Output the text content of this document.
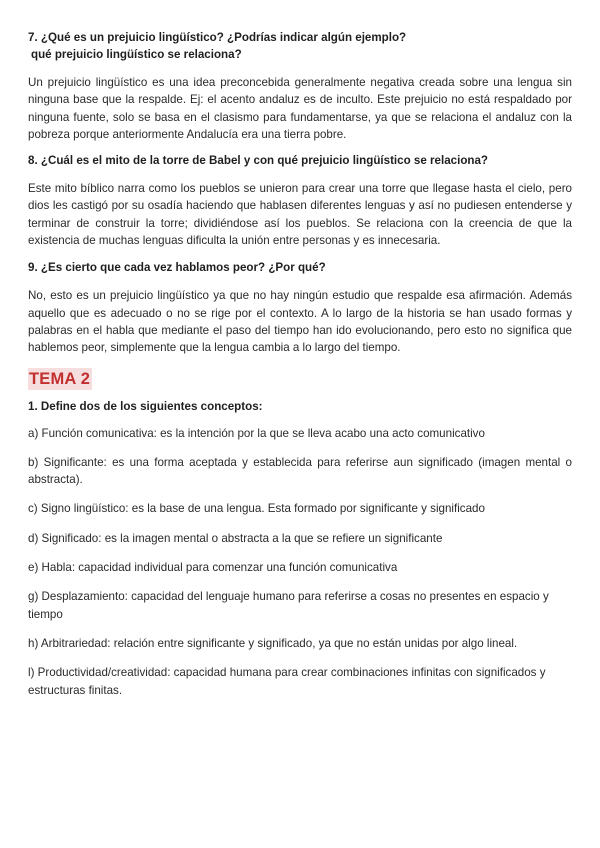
7. ¿Qué es un prejuicio lingüístico? ¿Podrías indicar algún ejemplo?
qué prejuicio lingüístico se relaciona?

Un prejuicio lingüístico es una idea preconcebida generalmente negativa creada sobre una lengua sin ninguna base que la respalde. Ej: el acento andaluz es de inculto. Este prejuicio no está respaldado por ninguna fuente, solo se basa en el clasismo para fundamentarse, ya que se relaciona el andaluz con la pobreza porque anteriormente Andalucía era una tierra pobre.

8. ¿Cuál es el mito de la torre de Babel y con qué prejuicio lingüístico se relaciona?

Este mito bíblico narra como los pueblos se unieron para crear una torre que llegase hasta el cielo, pero dios les castigó por su osadía haciendo que hablasen diferentes lenguas y así no pudiesen entenderse y terminar de construir la torre; dividiéndose así los pueblos. Se relaciona con la creencia de que la existencia de muchas lenguas dificulta la unión entre personas y es innecesaria.

9. ¿Es cierto que cada vez hablamos peor? ¿Por qué?

No, esto es un prejuicio lingüístico ya que no hay ningún estudio que respalde esa afirmación. Además aquello que es adecuado o no se rige por el contexto. A lo largo de la historia se han usado formas y palabras en el habla que mediante el paso del tiempo han ido evolucionando, pero esto no significa que hablemos peor, simplemente que la lengua cambia a lo largo del tiempo.

TEMA 2

1. Define dos de los siguientes conceptos:

a) Función comunicativa: es la intención por la que se lleva acabo una acto comunicativo

b) Significante: es una forma aceptada y establecida para referirse aun significado (imagen mental o abstracta).

c) Signo lingüístico: es la base de una lengua. Esta formado por significante y significado

d) Significado: es la imagen mental o abstracta a la que se refiere un significante

e) Habla: capacidad individual para comenzar una función comunicativa

g) Desplazamiento: capacidad del lenguaje humano para referirse a cosas no presentes en espacio y tiempo

h) Arbitrariedad: relación entre significante y significado, ya que no están unidas por algo lineal.

l) Productividad/creatividad: capacidad humana para crear combinaciones infinitas con significados y estructuras finitas.
